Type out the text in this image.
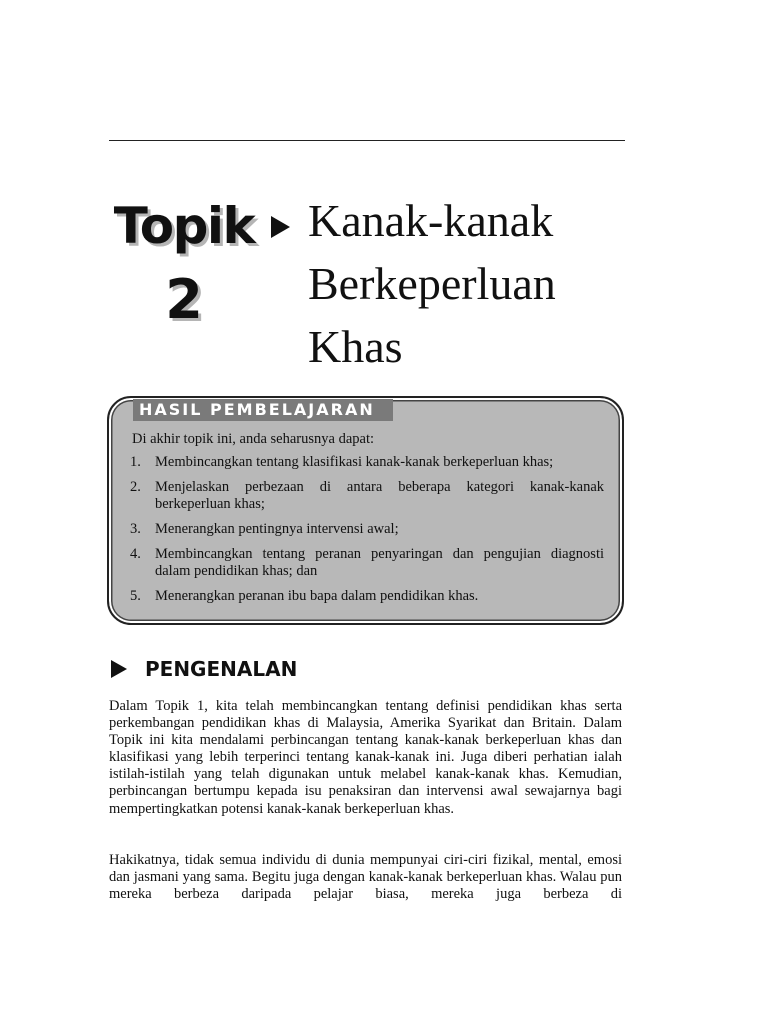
Topik
2
Kanak-kanak
Berkeperluan
Khas
HASIL PEMBELAJARAN
Di akhir topik ini, anda seharusnya dapat:
1. Membincangkan tentang klasifikasi kanak-kanak berkeperluan khas;
2. Menjelaskan perbezaan di antara beberapa kategori kanak-kanak berkeperluan khas;
3. Menerangkan pentingnya intervensi awal;
4. Membincangkan tentang peranan penyaringan dan pengujian diagnosti dalam pendidikan khas; dan
5. Menerangkan peranan ibu bapa dalam pendidikan khas.
PENGENALAN

Dalam Topik 1, kita telah membincangkan tentang definisi pendidikan khas serta perkembangan pendidikan khas di Malaysia, Amerika Syarikat dan Britain. Dalam Topik ini kita mendalami perbincangan tentang kanak-kanak berkeperluan khas dan klasifikasi yang lebih terperinci tentang kanak-kanak ini. Juga diberi perhatian ialah istilah-istilah yang telah digunakan untuk melabel kanak-kanak khas. Kemudian, perbincangan bertumpu kepada isu penaksiran dan intervensi awal sewajarnya bagi mempertingkatkan potensi kanak-kanak berkeperluan khas.

Hakikatnya, tidak semua individu di dunia mempunyai ciri-ciri fizikal, mental, emosi dan jasmani yang sama. Begitu juga dengan kanak-kanak berkeperluan khas. Walau pun mereka berbeza daripada pelajar biasa, mereka juga berbeza di
